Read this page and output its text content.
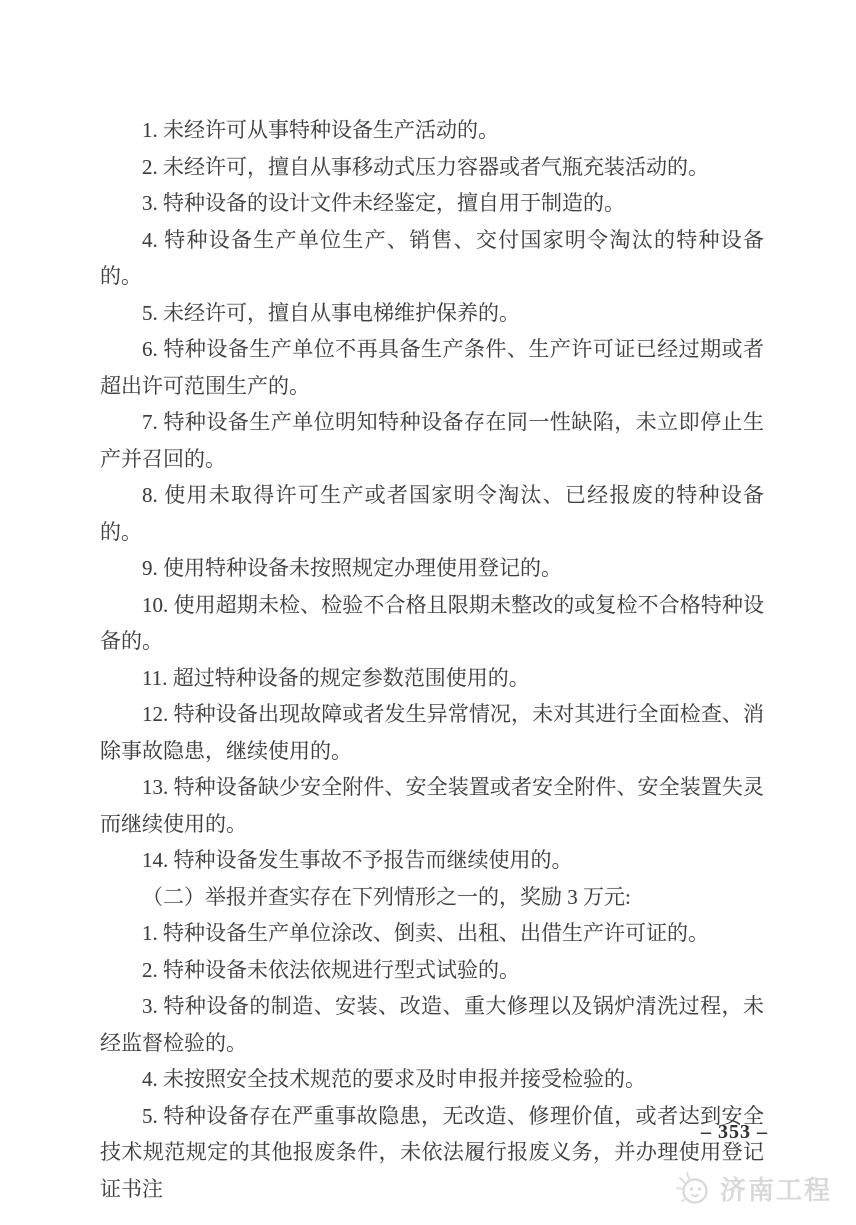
1. 未经许可从事特种设备生产活动的。

2. 未经许可，擅自从事移动式压力容器或者气瓶充装活动的。

3. 特种设备的设计文件未经鉴定，擅自用于制造的。

4. 特种设备生产单位生产、销售、交付国家明令淘汰的特种设备的。

5. 未经许可，擅自从事电梯维护保养的。

6. 特种设备生产单位不再具备生产条件、生产许可证已经过期或者超出许可范围生产的。

7. 特种设备生产单位明知特种设备存在同一性缺陷，未立即停止生产并召回的。

8. 使用未取得许可生产或者国家明令淘汰、已经报废的特种设备的。

9. 使用特种设备未按照规定办理使用登记的。

10. 使用超期未检、检验不合格且限期未整改的或复检不合格特种设备的。

11. 超过特种设备的规定参数范围使用的。

12. 特种设备出现故障或者发生异常情况，未对其进行全面检查、消除事故隐患，继续使用的。

13. 特种设备缺少安全附件、安全装置或者安全附件、安全装置失灵而继续使用的。

14. 特种设备发生事故不予报告而继续使用的。

（二）举报并查实存在下列情形之一的，奖励 3 万元:

1. 特种设备生产单位涂改、倒卖、出租、出借生产许可证的。

2. 特种设备未依法依规进行型式试验的。

3. 特种设备的制造、安装、改造、重大修理以及锅炉清洗过程，未经监督检验的。

4. 未按照安全技术规范的要求及时申报并接受检验的。

5. 特种设备存在严重事故隐患，无改造、修理价值，或者达到安全技术规范规定的其他报废条件，未依法履行报废义务，并办理使用登记证书注

– 353 –
济南工程
